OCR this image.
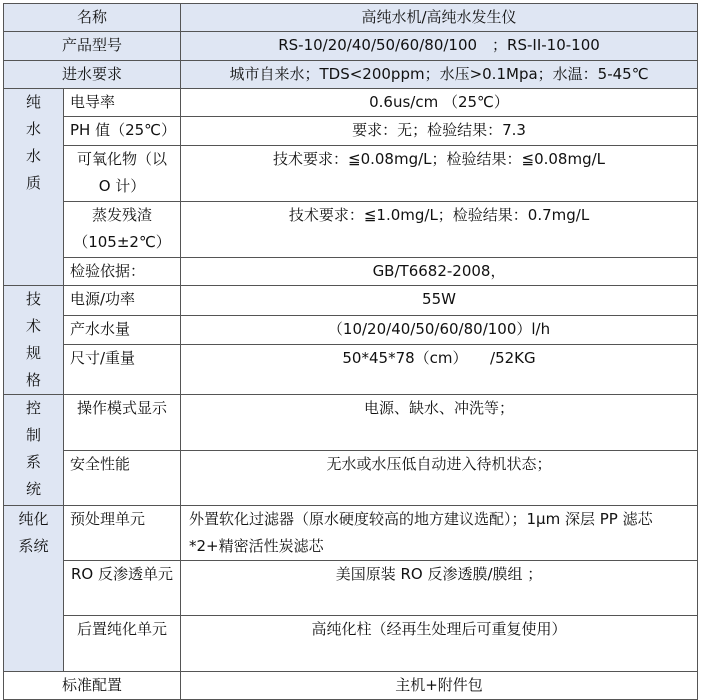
名称		高纯水机/高纯水发生仪
产品型号		RS-10/20/40/50/60/80/100　；RS-II-10-100
进水要求		城市自来水；TDS<200ppm；水压>0.1Mpa；水温：5-45℃

纯水水质	电导率	0.6us/cm （25℃）
	PH 值（25℃）	要求：无；检验结果：7.3
	可氧化物（以 O 计）	技术要求：≦0.08mg/L；检验结果：≦0.08mg/L
	蒸发残渣（105±2℃）	技术要求：≦1.0mg/L；检验结果：0.7mg/L
	检验依据：	GB/T6682-2008，

技术规格	电源/功率	55W
	产水水量	（10/20/40/50/60/80/100）l/h
	尺寸/重量	50*45*78（cm）　　/52KG

控制系统	操作模式显示	电源、缺水、冲洗等；
	安全性能	无水或水压低自动进入待机状态；

纯化系统	预处理单元	外置软化过滤器（原水硬度较高的地方建议选配）；1μm 深层 PP 滤芯*2+精密活性炭滤芯
	RO 反渗透单元	美国原装 RO 反渗透膜/膜组 ；
	后置纯化单元	高纯化柱（经再生处理后可重复使用）
标准配置		主机+附件包
